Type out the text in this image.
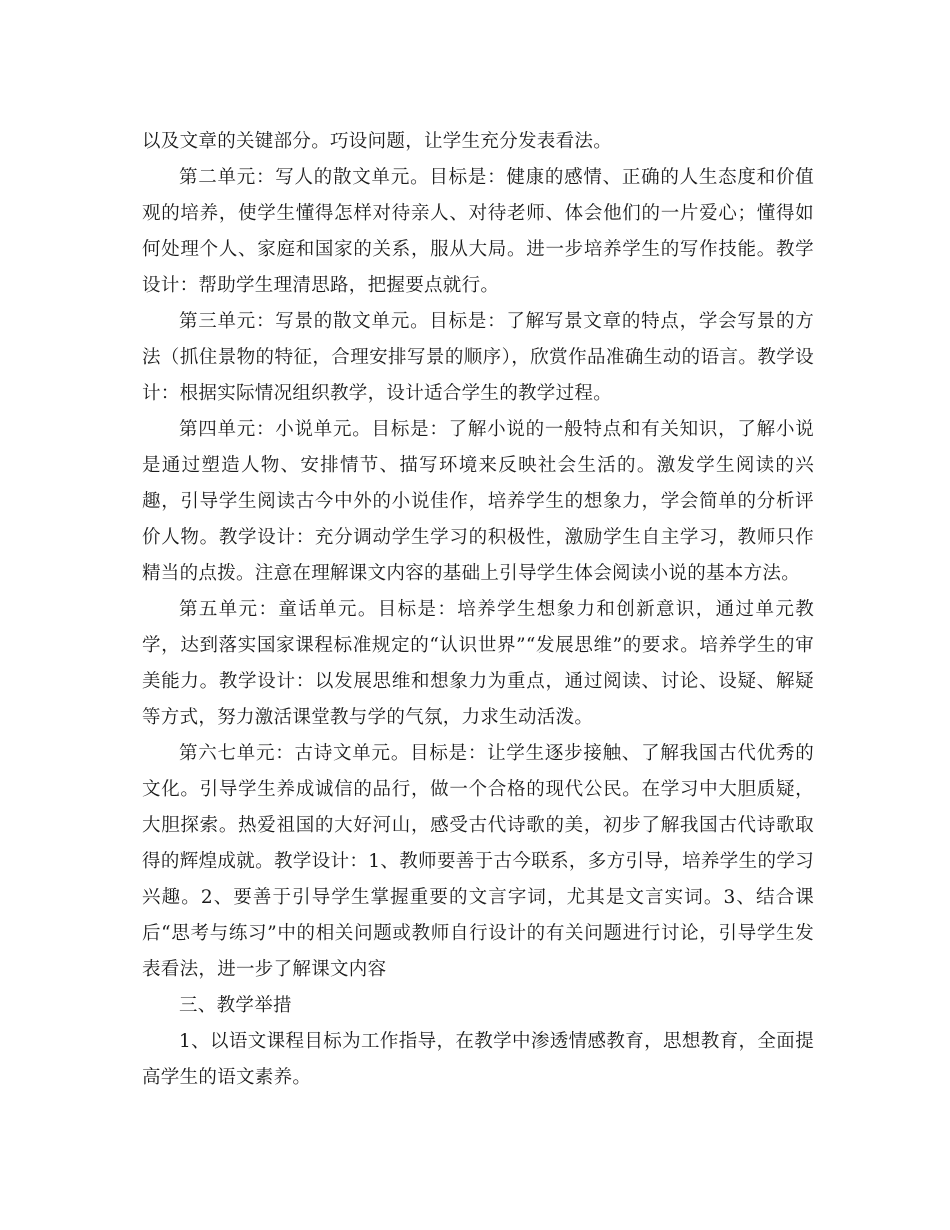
以及文章的关键部分。巧设问题，让学生充分发表看法。

第二单元：写人的散文单元。目标是：健康的感情、正确的人生态度和价值观的培养，使学生懂得怎样对待亲人、对待老师、体会他们的一片爱心；懂得如何处理个人、家庭和国家的关系，服从大局。进一步培养学生的写作技能。教学设计：帮助学生理清思路，把握要点就行。

第三单元：写景的散文单元。目标是：了解写景文章的特点，学会写景的方法（抓住景物的特征，合理安排写景的顺序），欣赏作品准确生动的语言。教学设计：根据实际情况组织教学，设计适合学生的教学过程。

第四单元：小说单元。目标是：了解小说的一般特点和有关知识，了解小说是通过塑造人物、安排情节、描写环境来反映社会生活的。激发学生阅读的兴趣，引导学生阅读古今中外的小说佳作，培养学生的想象力，学会简单的分析评价人物。教学设计：充分调动学生学习的积极性，激励学生自主学习，教师只作精当的点拨。注意在理解课文内容的基础上引导学生体会阅读小说的基本方法。

第五单元：童话单元。目标是：培养学生想象力和创新意识，通过单元教学，达到落实国家课程标准规定的“认识世界”“发展思维”的要求。培养学生的审美能力。教学设计：以发展思维和想象力为重点，通过阅读、讨论、设疑、解疑等方式，努力激活课堂教与学的气氛，力求生动活泼。

第六七单元：古诗文单元。目标是：让学生逐步接触、了解我国古代优秀的文化。引导学生养成诚信的品行，做一个合格的现代公民。在学习中大胆质疑，大胆探索。热爱祖国的大好河山，感受古代诗歌的美，初步了解我国古代诗歌取得的辉煌成就。教学设计：1、教师要善于古今联系，多方引导，培养学生的学习兴趣。2、要善于引导学生掌握重要的文言字词，尤其是文言实词。3、结合课后“思考与练习”中的相关问题或教师自行设计的有关问题进行讨论，引导学生发表看法，进一步了解课文内容

三、教学举措

1、以语文课程目标为工作指导，在教学中渗透情感教育，思想教育，全面提高学生的语文素养。
